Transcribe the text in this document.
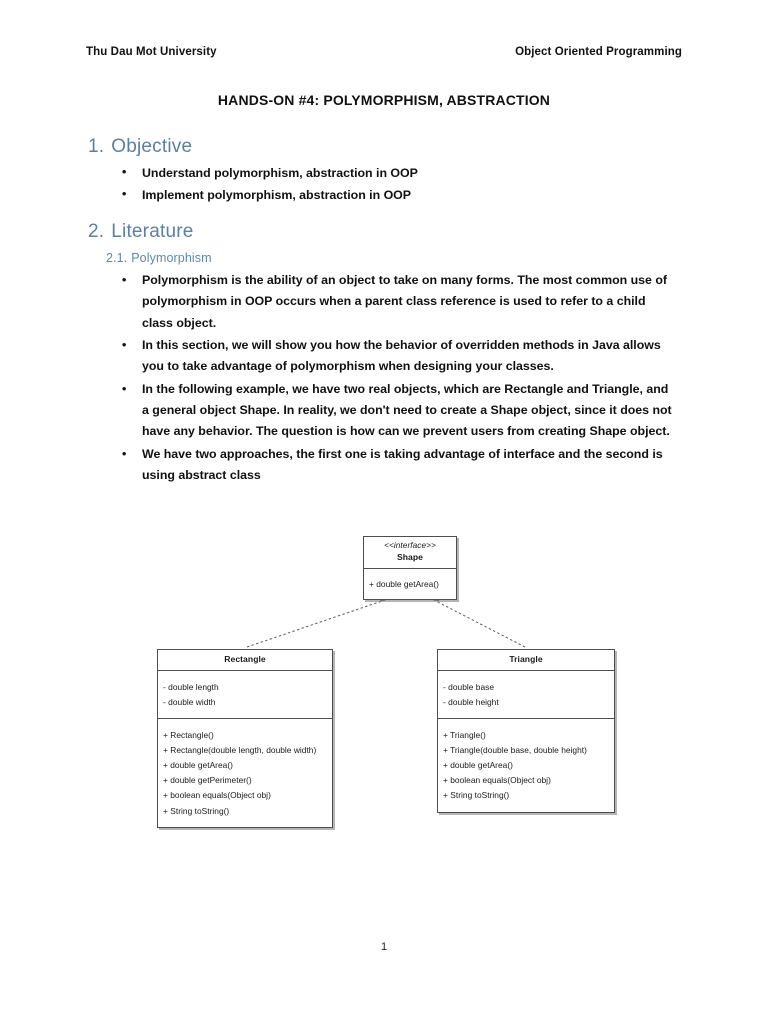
Thu Dau Mot University	Object Oriented Programming
HANDS-ON #4: POLYMORPHISM, ABSTRACTION
1. Objective
• Understand polymorphism, abstraction in OOP
• Implement polymorphism, abstraction in OOP
2. Literature
2.1. Polymorphism
• Polymorphism is the ability of an object to take on many forms. The most common use of polymorphism in OOP occurs when a parent class reference is used to refer to a child class object.
• In this section, we will show you how the behavior of overridden methods in Java allows you to take advantage of polymorphism when designing your classes.
• In the following example, we have two real objects, which are Rectangle and Triangle, and a general object Shape. In reality, we don't need to create a Shape object, since it does not have any behavior. The question is how can we prevent users from creating Shape object.
• We have two approaches, the first one is taking advantage of interface and the second is using abstract class
<<interface>>
Shape
+ double getArea()
Rectangle
- double length
- double width
+ Rectangle()
+ Rectangle(double length, double width)
+ double getArea()
+ double getPerimeter()
+ boolean equals(Object obj)
+ String toString()
Triangle
- double base
- double height
+ Triangle()
+ Triangle(double base, double height)
+ double getArea()
+ boolean equals(Object obj)
+ String toString()
1
